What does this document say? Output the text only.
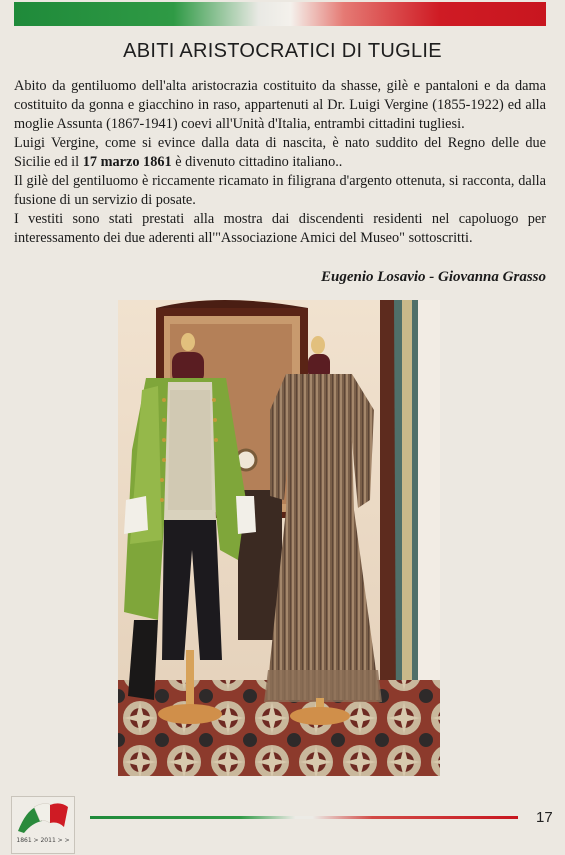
ABITI ARISTOCRATICI DI TUGLIE

Abito da gentiluomo dell'alta aristocrazia costituito da shasse, gilè e pantaloni e da dama costituito da gonna e giacchino in raso, appartenuti al Dr. Luigi Vergine (1855-1922) ed alla moglie Assunta (1867-1941) coevi all'Unità d'Italia, entrambi cittadini tugliesi.

Luigi Vergine, come si evince dalla data di nascita, è nato suddito del Regno delle due Sicilie ed il 17 marzo 1861 è divenuto cittadino italiano..

Il gilè del gentiluomo è riccamente ricamato in filigrana d'argento ottenuta, si racconta, dalla fusione di un servizio di posate.

I vestiti sono stati prestati alla mostra dai discendenti residenti nel capoluogo per interessamento dei due aderenti all'"Associazione Amici del Museo" sottoscritti.

Eugenio Losavio - Giovanna Grasso
1861 > 2011 > >
17
